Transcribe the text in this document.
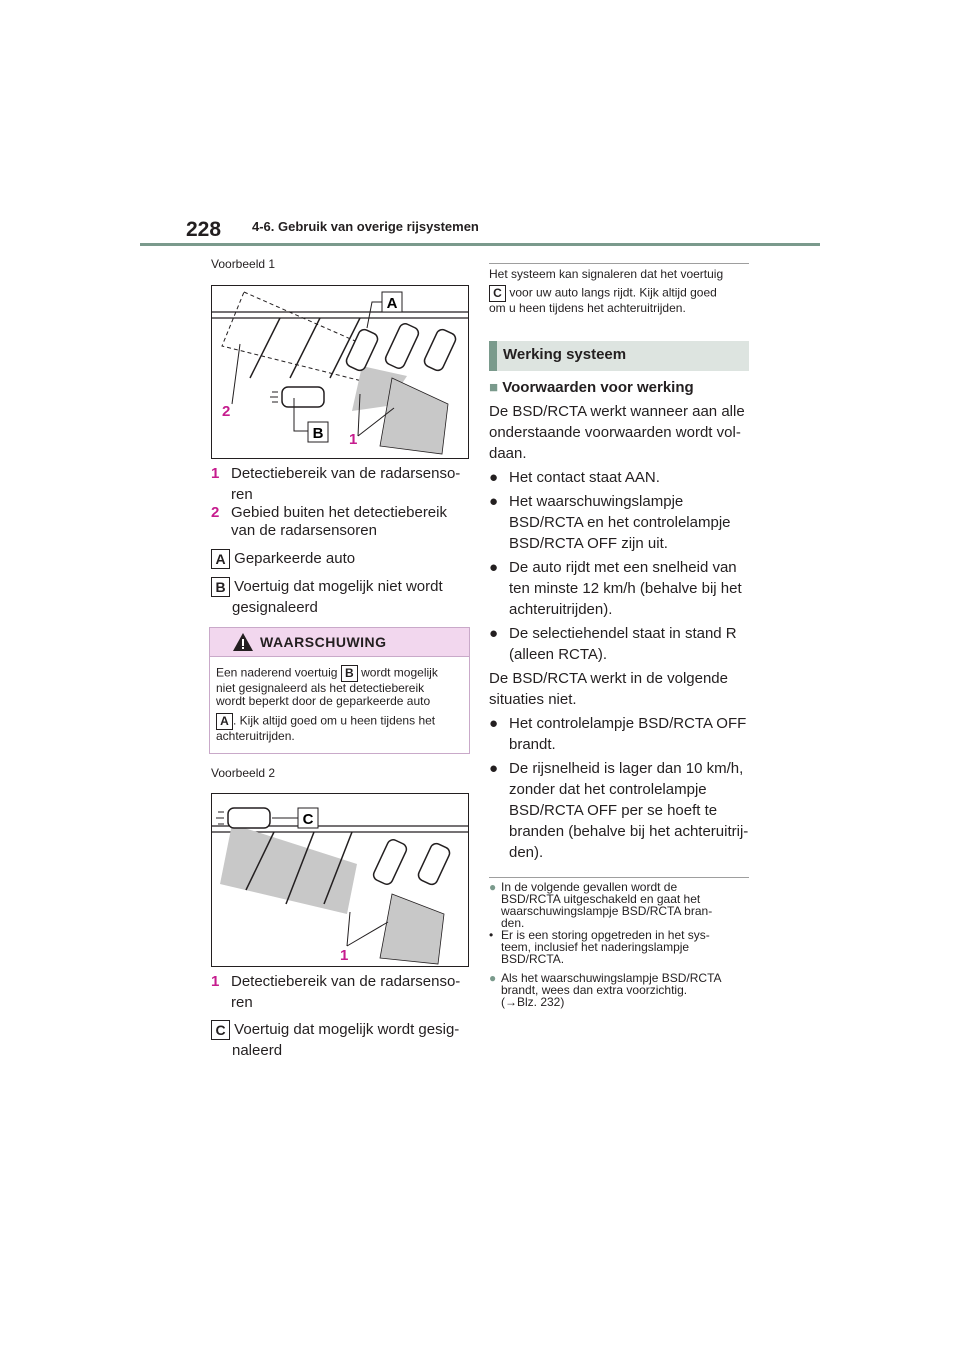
228 4-6. Gebruik van overige rijsystemen
Voorbeeld 1
A
B
2
1
1 Detectiebereik van de radarsenso-
ren
2 Gebied buiten het detectiebereik
van de radarsensoren
A Geparkeerde auto
B Voertuig dat mogelijk niet wordt
gesignaleerd
WAARSCHUWING
Een naderend voertuig B wordt mogelijk
niet gesignaleerd als het detectiebereik
wordt beperkt door de geparkeerde auto
A . Kijk altijd goed om u heen tijdens het
achteruitrijden.
Voorbeeld 2
C
1
1 Detectiebereik van de radarsenso-
ren
C Voertuig dat mogelijk wordt gesig-
naleerd
Het systeem kan signaleren dat het voertuig
C voor uw auto langs rijdt. Kijk altijd goed
om u heen tijdens het achteruitrijden.
Werking systeem
■ Voorwaarden voor werking
De BSD/RCTA werkt wanneer aan alle
onderstaande voorwaarden wordt vol-
daan.
● Het contact staat AAN.
● Het waarschuwingslampje
BSD/RCTA en het controlelampje
BSD/RCTA OFF zijn uit.
● De auto rijdt met een snelheid van
ten minste 12 km/h (behalve bij het
achteruitrijden).
● De selectiehendel staat in stand R
(alleen RCTA).
De BSD/RCTA werkt in de volgende
situaties niet.
● Het controlelampje BSD/RCTA OFF
brandt.
● De rijsnelheid is lager dan 10 km/h,
zonder dat het controlelampje
BSD/RCTA OFF per se hoeft te
branden (behalve bij het achteruitrij-
den).
● In de volgende gevallen wordt de
BSD/RCTA uitgeschakeld en gaat het
waarschuwingslampje BSD/RCTA bran-
den.
• Er is een storing opgetreden in het sys-
teem, inclusief het naderingslampje
BSD/RCTA.
● Als het waarschuwingslampje BSD/RCTA
brandt, wees dan extra voorzichtig.
(→Blz. 232)
